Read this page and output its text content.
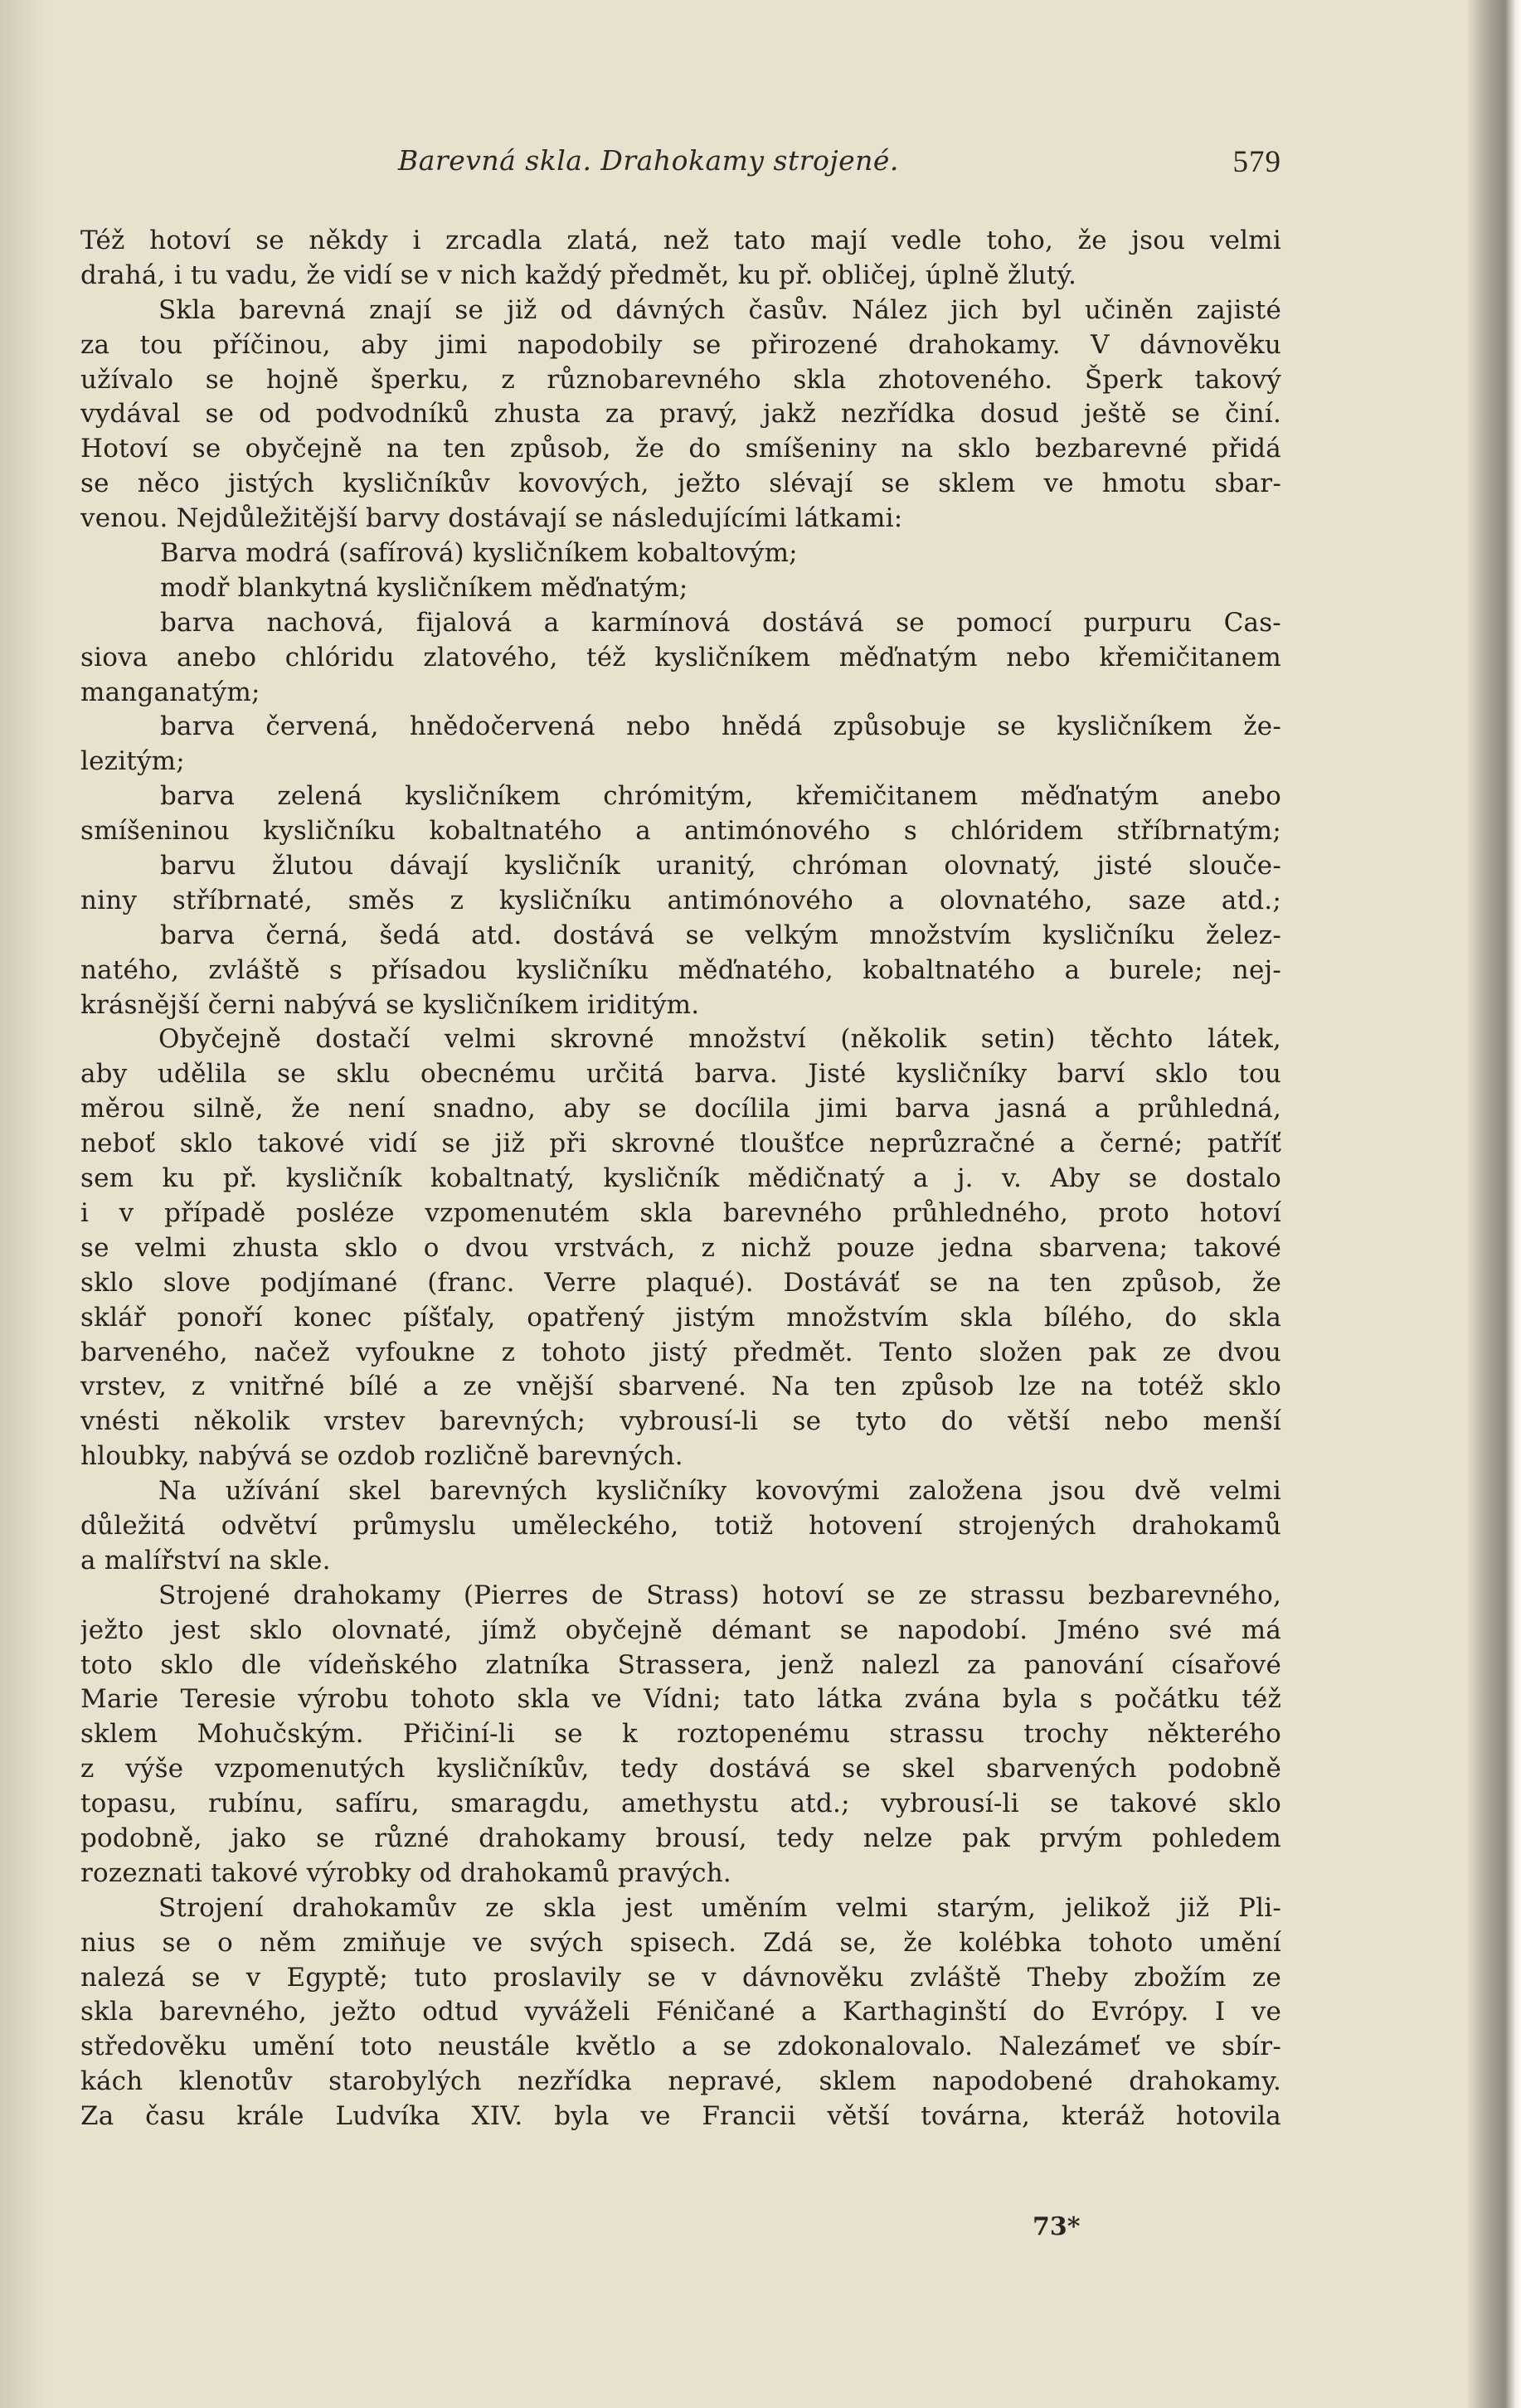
Barevná skla. Drahokamy strojené.	579
Též hotoví se někdy i zrcadla zlatá, než tato mají vedle toho, že jsou velmi
drahá, i tu vadu, že vidí se v nich každý předmět, ku př. obličej, úplně žlutý.
Skla barevná znají se již od dávných časův. Nález jich byl učiněn zajisté
za tou příčinou, aby jimi napodobily se přirozené drahokamy. V dávnověku
užívalo se hojně šperku, z různobarevného skla zhotoveného. Šperk takový
vydával se od podvodníků zhusta za pravý, jakž nezřídka dosud ještě se činí.
Hotoví se obyčejně na ten způsob, že do smíšeniny na sklo bezbarevné přidá
se něco jistých kysličníkův kovových, ježto slévají se sklem ve hmotu sbar-
venou. Nejdůležitější barvy dostávají se následujícími látkami:
Barva modrá (safírová) kysličníkem kobaltovým;
modř blankytná kysličníkem měďnatým;
barva nachová, fijalová a karmínová dostává se pomocí purpuru Cas-
siova anebo chlóridu zlatového, též kysličníkem měďnatým nebo křemičitanem
manganatým;
barva červená, hnědočervená nebo hnědá způsobuje se kysličníkem že-
lezitým;
barva zelená kysličníkem chrómitým, křemičitanem měďnatým anebo
smíšeninou kysličníku kobaltnatého a antimónového s chlóridem stříbrnatým;
barvu žlutou dávají kysličník uranitý, chróman olovnatý, jisté slouče-
niny stříbrnaté, směs z kysličníku antimónového a olovnatého, saze atd.;
barva černá, šedá atd. dostává se velkým množstvím kysličníku želez-
natého, zvláště s přísadou kysličníku měďnatého, kobaltnatého a burele; nej-
krásnější černi nabývá se kysličníkem iriditým.
Obyčejně dostačí velmi skrovné množství (několik setin) těchto látek,
aby udělila se sklu obecnému určitá barva. Jisté kysličníky barví sklo tou
měrou silně, že není snadno, aby se docílila jimi barva jasná a průhledná,
neboť sklo takové vidí se již při skrovné tloušťce neprůzračné a černé; patříť
sem ku př. kysličník kobaltnatý, kysličník mědičnatý a j. v. Aby se dostalo
i v případě posléze vzpomenutém skla barevného průhledného, proto hotoví
se velmi zhusta sklo o dvou vrstvách, z nichž pouze jedna sbarvena; takové
sklo slove podjímané (franc. Verre plaqué). Dostáváť se na ten způsob, že
sklář ponoří konec píšťaly, opatřený jistým množstvím skla bílého, do skla
barveného, načež vyfoukne z tohoto jistý předmět. Tento složen pak ze dvou
vrstev, z vnitřné bílé a ze vnější sbarvené. Na ten způsob lze na totéž sklo
vnésti několik vrstev barevných; vybrousí-li se tyto do větší nebo menší
hloubky, nabývá se ozdob rozličně barevných.
Na užívání skel barevných kysličníky kovovými založena jsou dvě velmi
důležitá odvětví průmyslu uměleckého, totiž hotovení strojených drahokamů
a malířství na skle.
Strojené drahokamy (Pierres de Strass) hotoví se ze strassu bezbarevného,
ježto jest sklo olovnaté, jímž obyčejně démant se napodobí. Jméno své má
toto sklo dle vídeňského zlatníka Strassera, jenž nalezl za panování císařové
Marie Teresie výrobu tohoto skla ve Vídni; tato látka zvána byla s počátku též
sklem Mohučským. Přičiní-li se k roztopenému strassu trochy některého
z výše vzpomenutých kysličníkův, tedy dostává se skel sbarvených podobně
topasu, rubínu, safíru, smaragdu, amethystu atd.; vybrousí-li se takové sklo
podobně, jako se různé drahokamy brousí, tedy nelze pak prvým pohledem
rozeznati takové výrobky od drahokamů pravých.
Strojení drahokamův ze skla jest uměním velmi starým, jelikož již Pli-
nius se o něm zmiňuje ve svých spisech. Zdá se, že kolébka tohoto umění
nalezá se v Egyptě; tuto proslavily se v dávnověku zvláště Theby zbožím ze
skla barevného, ježto odtud vyváželi Féničané a Karthaginští do Evrópy. I ve
středověku umění toto neustále květlo a se zdokonalovalo. Nalezámeť ve sbír-
kách klenotův starobylých nezřídka nepravé, sklem napodobené drahokamy.
Za času krále Ludvíka XIV. byla ve Francii větší továrna, kteráž hotovila
73*
